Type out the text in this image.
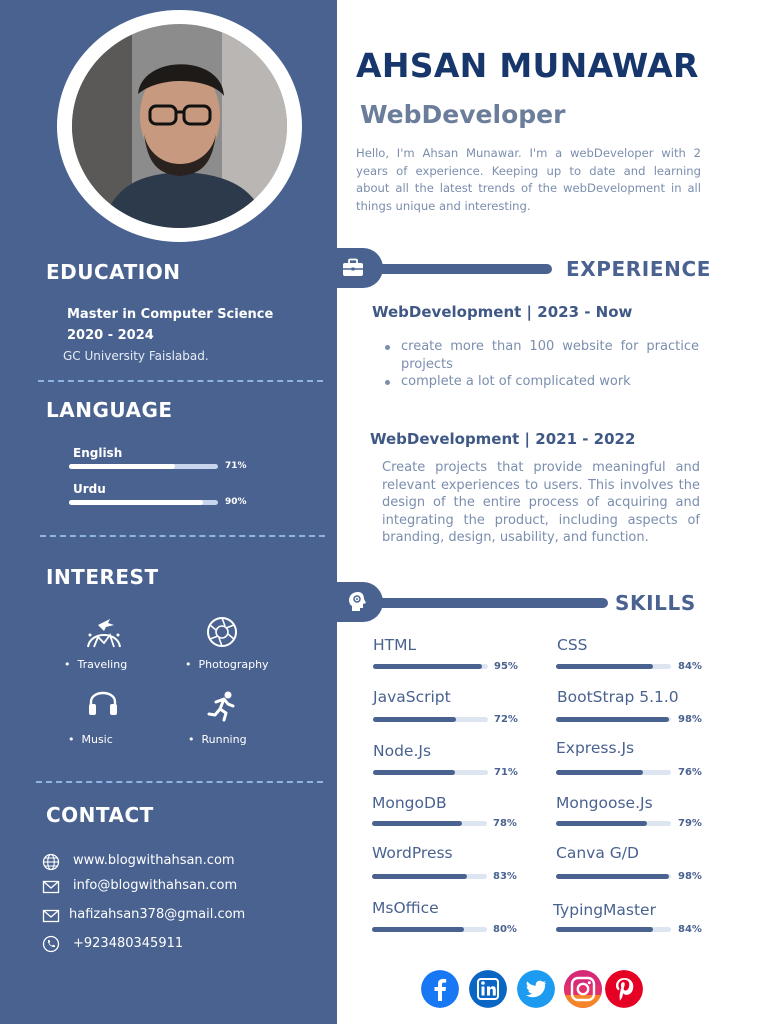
EDUCATION
Master in Computer Science
2020 - 2024
GC University Faislabad.
LANGUAGE
English
71%
Urdu
90%
INTEREST
•  Traveling	•  Photography
•  Music	•  Running
CONTACT
www.blogwithahsan.com
info@blogwithahsan.com
hafizahsan378@gmail.com
+923480345911
AHSAN MUNAWAR
WebDeveloper
Hello, I'm Ahsan Munawar. I'm a webDeveloper with 2 years of experience. Keeping up to date and learning about all the latest trends of the webDevelopment in all things unique and interesting.
EXPERIENCE
WebDevelopment | 2023 - Now
create more than 100 website for practice projects
complete a lot of complicated work
WebDevelopment | 2021 - 2022
Create projects that provide meaningful and relevant experiences to users. This involves the design of the entire process of acquiring and integrating the product, including aspects of branding, design, usability, and function.
SKILLS
HTML
95%
CSS
84%
JavaScript
72%
BootStrap 5.1.0
98%
Node.Js
71%
Express.Js
76%
MongoDB
78%
Mongoose.Js
79%
WordPress
83%
Canva G/D
98%
MsOffice
80%
TypingMaster
84%
